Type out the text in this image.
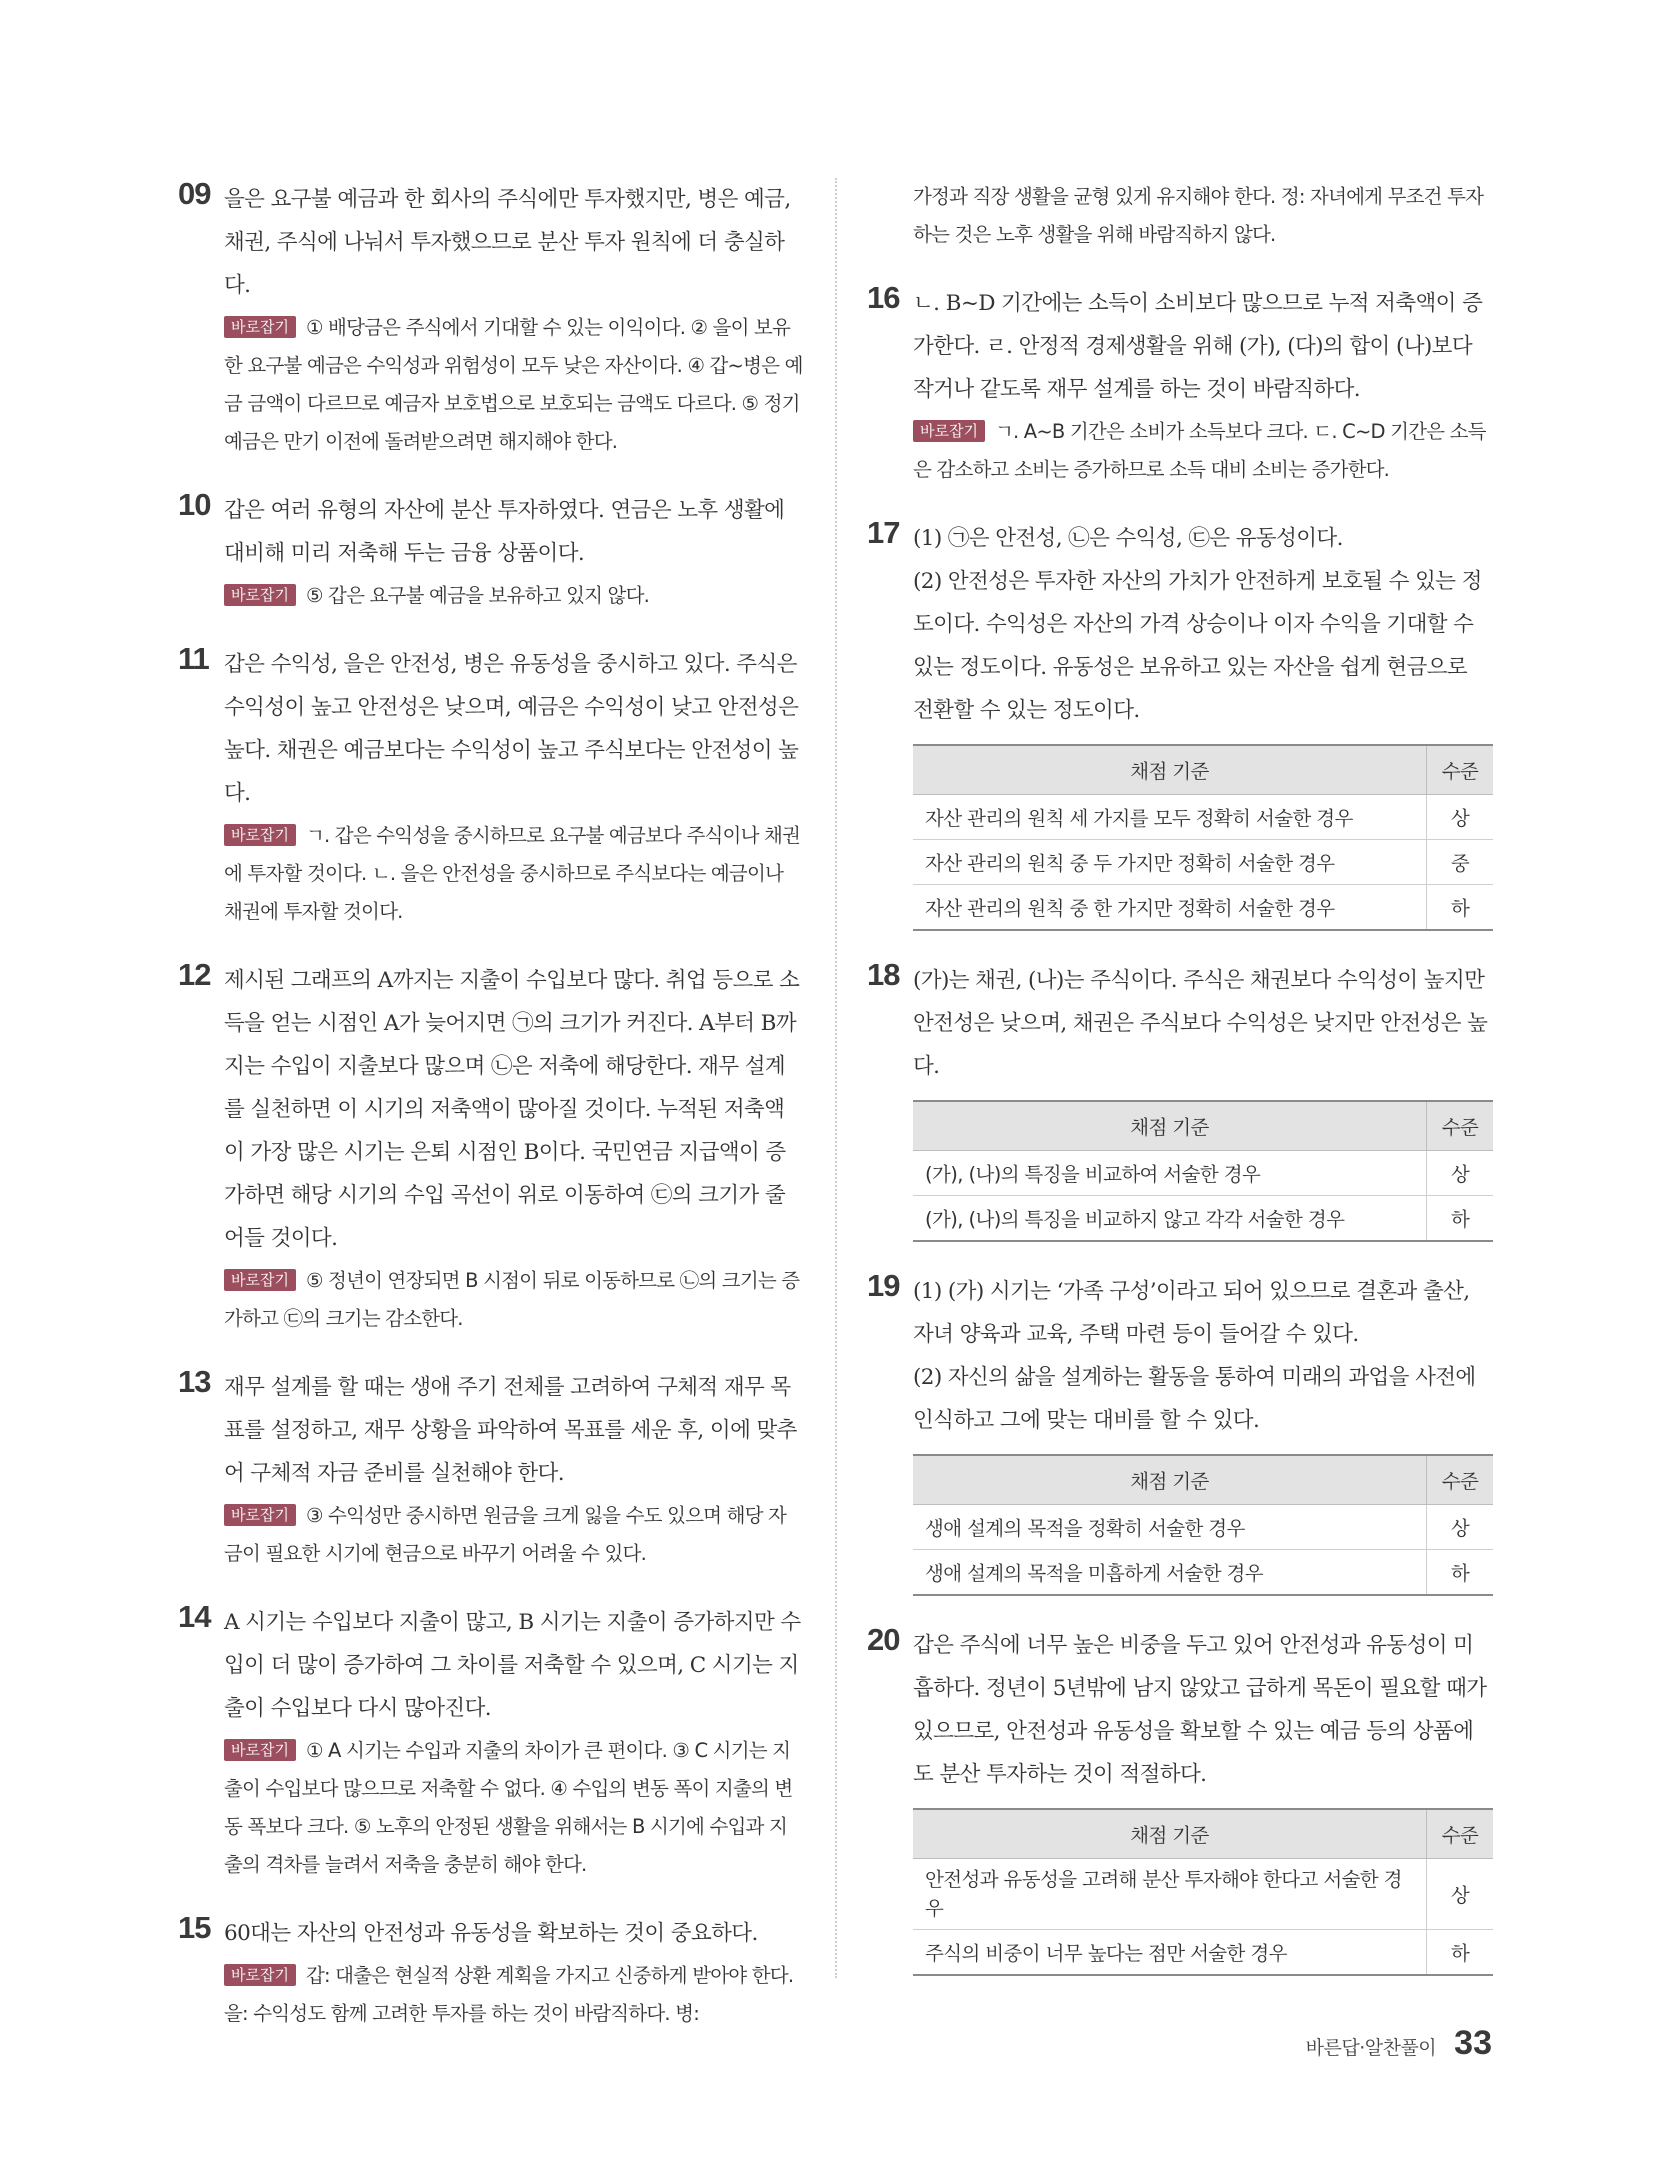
09 을은 요구불 예금과 한 회사의 주식에만 투자했지만, 병은 예금, 채권, 주식에 나눠서 투자했으므로 분산 투자 원칙에 더 충실하다.

바로잡기 ① 배당금은 주식에서 기대할 수 있는 이익이다. ② 을이 보유한 요구불 예금은 수익성과 위험성이 모두 낮은 자산이다. ④ 갑~병은 예금 금액이 다르므로 예금자 보호법으로 보호되는 금액도 다르다. ⑤ 정기 예금은 만기 이전에 돌려받으려면 해지해야 한다.

10 갑은 여러 유형의 자산에 분산 투자하였다. 연금은 노후 생활에 대비해 미리 저축해 두는 금융 상품이다.

바로잡기 ⑤ 갑은 요구불 예금을 보유하고 있지 않다.

11 갑은 수익성, 을은 안전성, 병은 유동성을 중시하고 있다. 주식은 수익성이 높고 안전성은 낮으며, 예금은 수익성이 낮고 안전성은 높다. 채권은 예금보다는 수익성이 높고 주식보다는 안전성이 높다.

바로잡기 ㄱ. 갑은 수익성을 중시하므로 요구불 예금보다 주식이나 채권에 투자할 것이다. ㄴ. 을은 안전성을 중시하므로 주식보다는 예금이나 채권에 투자할 것이다.

12 제시된 그래프의 A까지는 지출이 수입보다 많다. 취업 등으로 소득을 얻는 시점인 A가 늦어지면 ㉠의 크기가 커진다. A부터 B까지는 수입이 지출보다 많으며 ㉡은 저축에 해당한다. 재무 설계를 실천하면 이 시기의 저축액이 많아질 것이다. 누적된 저축액이 가장 많은 시기는 은퇴 시점인 B이다. 국민연금 지급액이 증가하면 해당 시기의 수입 곡선이 위로 이동하여 ㉢의 크기가 줄어들 것이다.

바로잡기 ⑤ 정년이 연장되면 B 시점이 뒤로 이동하므로 ㉡의 크기는 증가하고 ㉢의 크기는 감소한다.

13 재무 설계를 할 때는 생애 주기 전체를 고려하여 구체적 재무 목표를 설정하고, 재무 상황을 파악하여 목표를 세운 후, 이에 맞추어 구체적 자금 준비를 실천해야 한다.

바로잡기 ③ 수익성만 중시하면 원금을 크게 잃을 수도 있으며 해당 자금이 필요한 시기에 현금으로 바꾸기 어려울 수 있다.

14 A 시기는 수입보다 지출이 많고, B 시기는 지출이 증가하지만 수입이 더 많이 증가하여 그 차이를 저축할 수 있으며, C 시기는 지출이 수입보다 다시 많아진다.

바로잡기 ① A 시기는 수입과 지출의 차이가 큰 편이다. ③ C 시기는 지출이 수입보다 많으므로 저축할 수 없다. ④ 수입의 변동 폭이 지출의 변동 폭보다 크다. ⑤ 노후의 안정된 생활을 위해서는 B 시기에 수입과 지출의 격차를 늘려서 저축을 충분히 해야 한다.

15 60대는 자산의 안전성과 유동성을 확보하는 것이 중요하다.

바로잡기 갑: 대출은 현실적 상환 계획을 가지고 신중하게 받아야 한다. 을: 수익성도 함께 고려한 투자를 하는 것이 바람직하다. 병:

가정과 직장 생활을 균형 있게 유지해야 한다. 정: 자녀에게 무조건 투자하는 것은 노후 생활을 위해 바람직하지 않다.

16 ㄴ. B~D 기간에는 소득이 소비보다 많으므로 누적 저축액이 증가한다. ㄹ. 안정적 경제생활을 위해 (가), (다)의 합이 (나)보다 작거나 같도록 재무 설계를 하는 것이 바람직하다.

바로잡기 ㄱ. A~B 기간은 소비가 소득보다 크다. ㄷ. C~D 기간은 소득은 감소하고 소비는 증가하므로 소득 대비 소비는 증가한다.

17 (1) ㉠은 안전성, ㉡은 수익성, ㉢은 유동성이다.

(2) 안전성은 투자한 자산의 가치가 안전하게 보호될 수 있는 정도이다. 수익성은 자산의 가격 상승이나 이자 수익을 기대할 수 있는 정도이다. 유동성은 보유하고 있는 자산을 쉽게 현금으로 전환할 수 있는 정도이다.

채점 기준	수준
자산 관리의 원칙 세 가지를 모두 정확히 서술한 경우	상
자산 관리의 원칙 중 두 가지만 정확히 서술한 경우	중
자산 관리의 원칙 중 한 가지만 정확히 서술한 경우	하
18 (가)는 채권, (나)는 주식이다. 주식은 채권보다 수익성이 높지만 안전성은 낮으며, 채권은 주식보다 수익성은 낮지만 안전성은 높다.

채점 기준	수준
(가), (나)의 특징을 비교하여 서술한 경우	상
(가), (나)의 특징을 비교하지 않고 각각 서술한 경우	하
19 (1) (가) 시기는 ‘가족 구성’이라고 되어 있으므로 결혼과 출산, 자녀 양육과 교육, 주택 마련 등이 들어갈 수 있다.

(2) 자신의 삶을 설계하는 활동을 통하여 미래의 과업을 사전에 인식하고 그에 맞는 대비를 할 수 있다.

채점 기준	수준
생애 설계의 목적을 정확히 서술한 경우	상
생애 설계의 목적을 미흡하게 서술한 경우	하
20 갑은 주식에 너무 높은 비중을 두고 있어 안전성과 유동성이 미흡하다. 정년이 5년밖에 남지 않았고 급하게 목돈이 필요할 때가 있으므로, 안전성과 유동성을 확보할 수 있는 예금 등의 상품에도 분산 투자하는 것이 적절하다.

채점 기준	수준
안전성과 유동성을 고려해 분산 투자해야 한다고 서술한 경우	상
주식의 비중이 너무 높다는 점만 서술한 경우	하
바른답·알찬풀이 33
